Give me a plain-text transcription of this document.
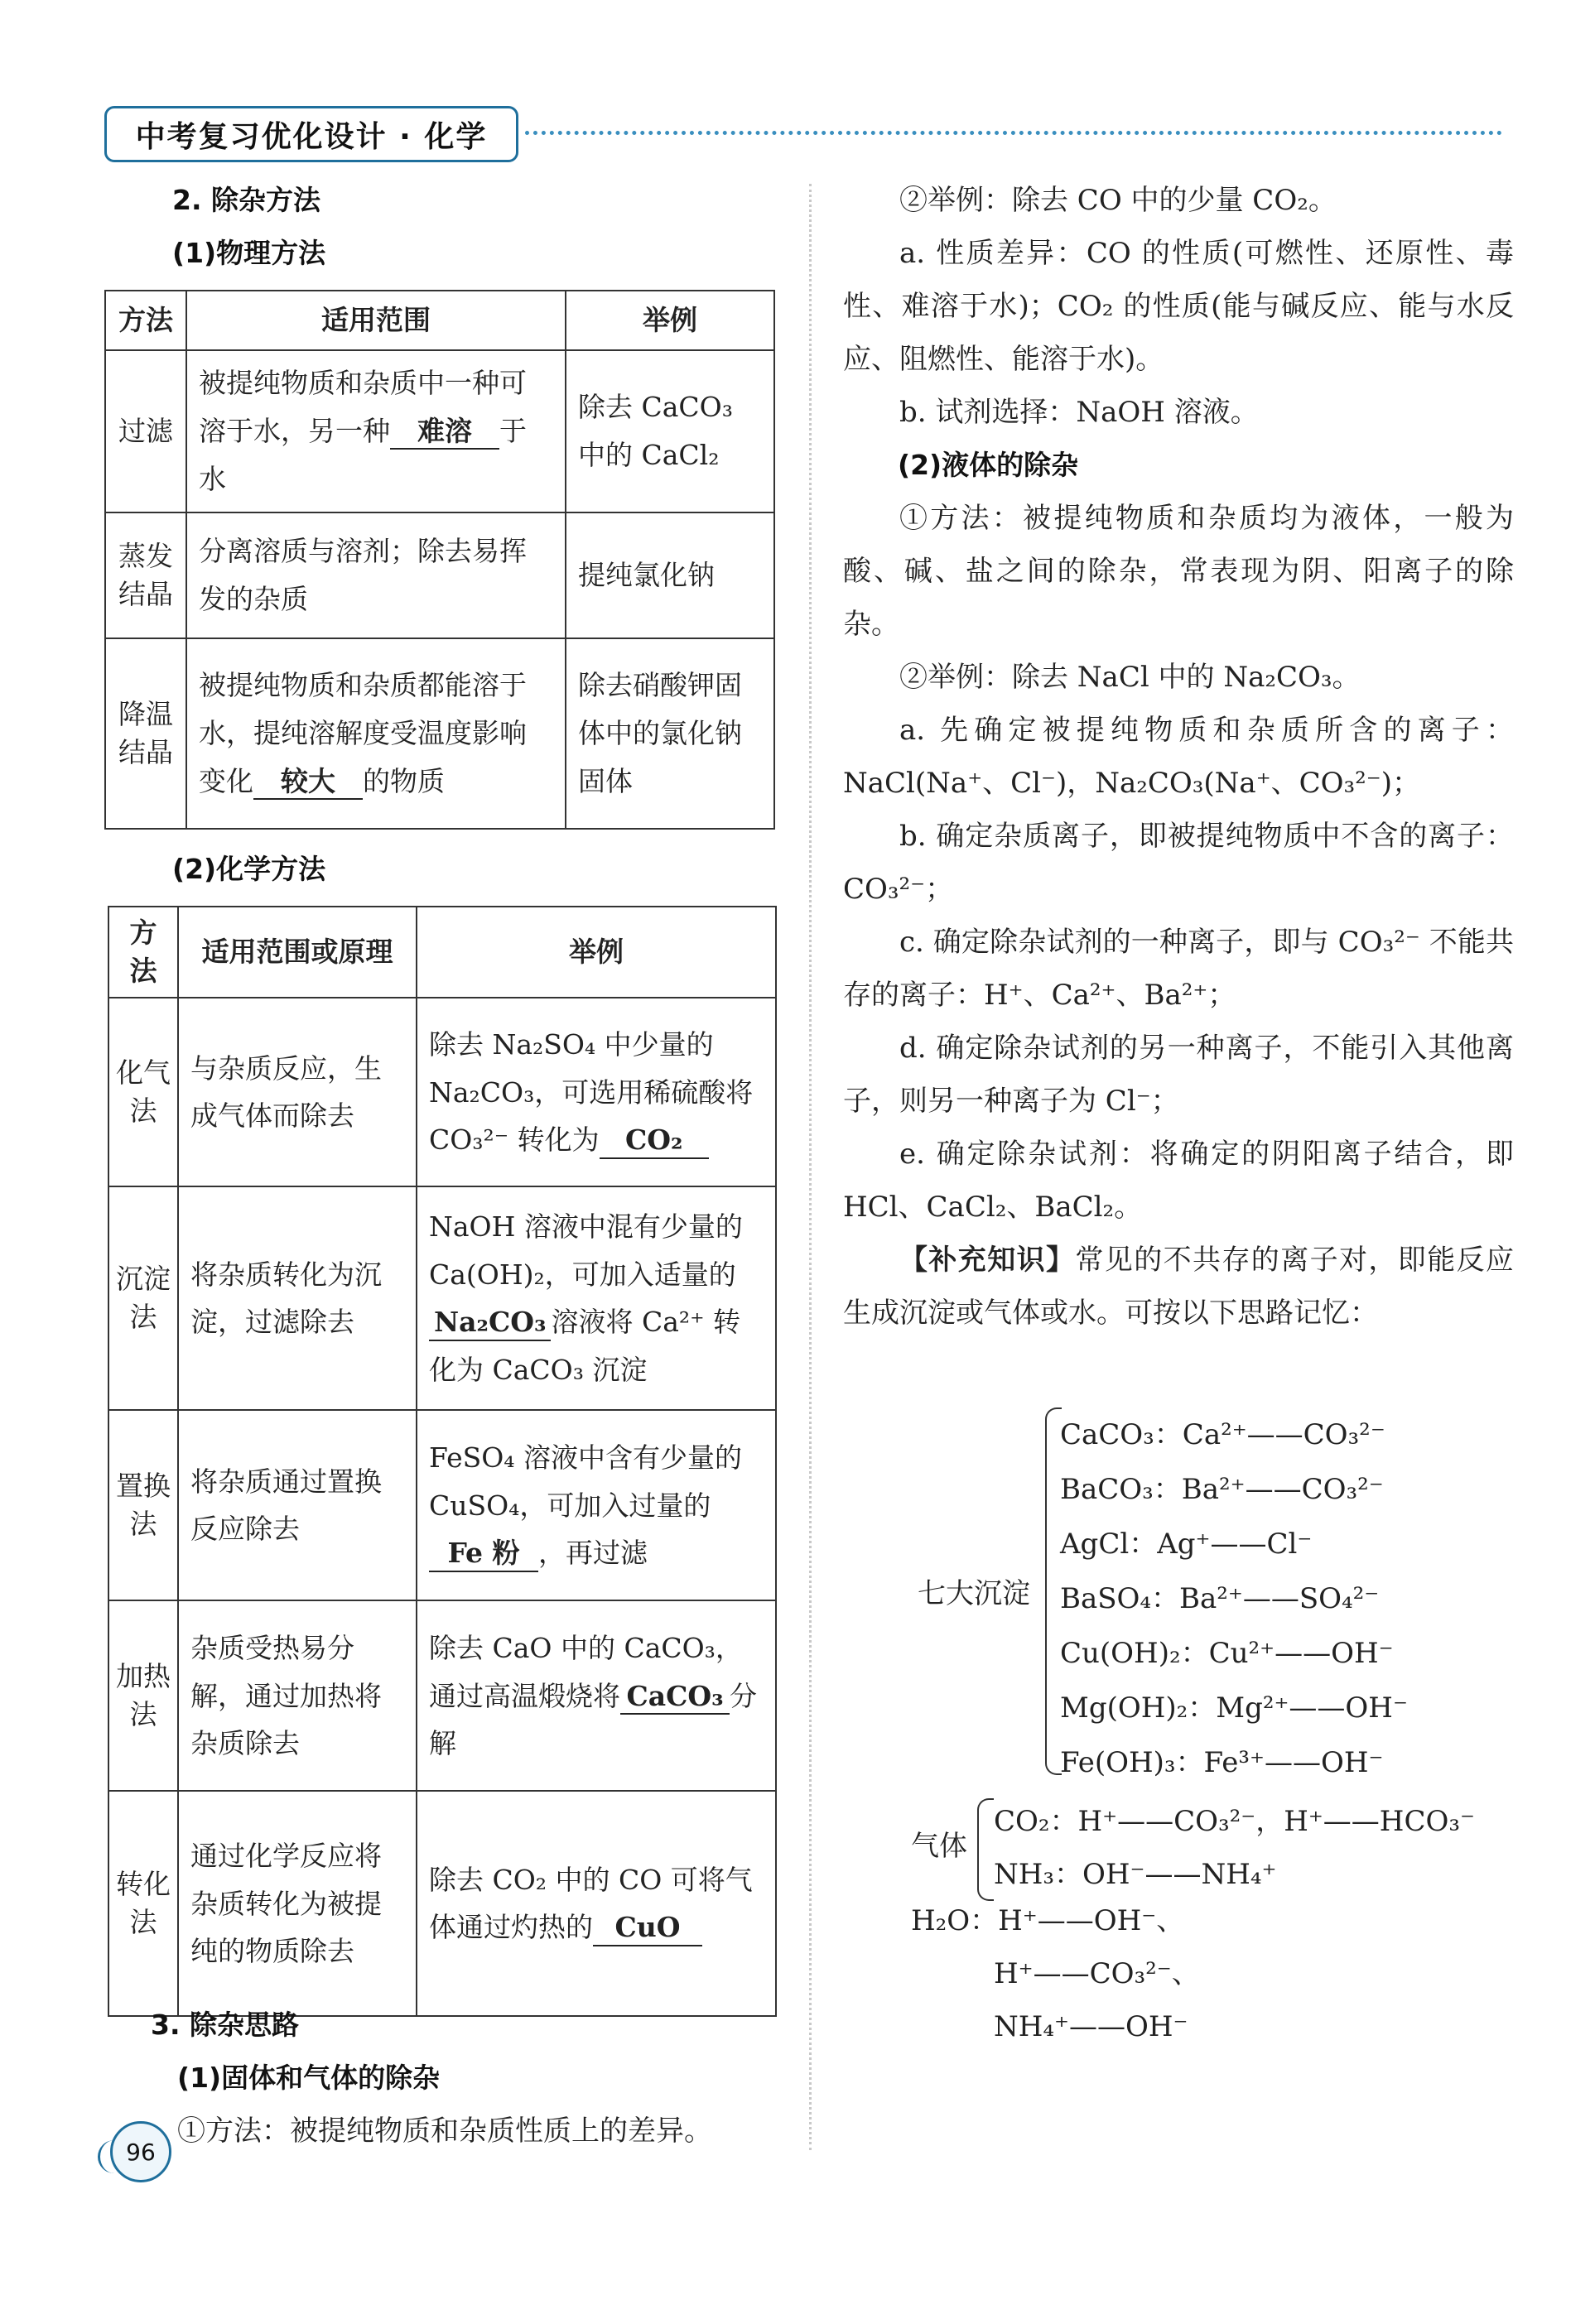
中考复习优化设计 · 化学
2. 除杂方法
(1)物理方法
方法	适用范围	举例
过滤	被提纯物质和杂质中一种可溶于水，另一种 难溶 于水	除去 CaCO₃ 中的 CaCl₂
蒸发结晶	分离溶质与溶剂；除去易挥发的杂质	提纯氯化钠
降温结晶	被提纯物质和杂质都能溶于水，提纯溶解度受温度影响变化 较大 的物质	除去硝酸钾固体中的氯化钠固体
(2)化学方法
方法	适用范围或原理	举例
化气法	与杂质反应，生成气体而除去	除去 Na₂SO₄ 中少量的 Na₂CO₃，可选用稀硫酸将 CO₃²⁻ 转化为 CO₂
沉淀法	将杂质转化为沉淀，过滤除去	NaOH 溶液中混有少量的 Ca(OH)₂，可加入适量的Na₂CO₃ 溶液将 Ca²⁺ 转化为 CaCO₃ 沉淀
置换法	将杂质通过置换反应除去	FeSO₄ 溶液中含有少量的 CuSO₄，可加入过量的Fe 粉 ，再过滤
加热法	杂质受热易分解，通过加热将杂质除去	除去 CaO 中的 CaCO₃，通过高温煅烧将 CaCO₃ 分解
转化法	通过化学反应将杂质转化为被提纯的物质除去	除去 CO₂ 中的 CO 可将气体通过灼热的 CuO
3. 除杂思路
(1)固体和气体的除杂
①方法：被提纯物质和杂质性质上的差异。

②举例：除去 CO 中的少量 CO₂。

a. 性质差异：CO 的性质(可燃性、还原性、毒性、难溶于水)；CO₂ 的性质(能与碱反应、能与水反应、阻燃性、能溶于水)。

b. 试剂选择：NaOH 溶液。

(2)液体的除杂

①方法：被提纯物质和杂质均为液体，一般为酸、碱、盐之间的除杂，常表现为阴、阳离子的除杂。

②举例：除去 NaCl 中的 Na₂CO₃。

a. 先确定被提纯物质和杂质所含的离子：NaCl(Na⁺、Cl⁻)，Na₂CO₃(Na⁺、CO₃²⁻)；

b. 确定杂质离子，即被提纯物质中不含的离子：CO₃²⁻；

c. 确定除杂试剂的一种离子，即与 CO₃²⁻ 不能共存的离子：H⁺、Ca²⁺、Ba²⁺；

d. 确定除杂试剂的另一种离子，不能引入其他离子，则另一种离子为 Cl⁻；

e. 确定除杂试剂：将确定的阴阳离子结合，即 HCl、CaCl₂、BaCl₂。

【补充知识】常见的不共存的离子对，即能反应生成沉淀或气体或水。可按以下思路记忆：

七大沉淀
CaCO₃：Ca²⁺——CO₃²⁻
BaCO₃：Ba²⁺——CO₃²⁻
AgCl：Ag⁺——Cl⁻
BaSO₄：Ba²⁺——SO₄²⁻
Cu(OH)₂：Cu²⁺——OH⁻
Mg(OH)₂：Mg²⁺——OH⁻
Fe(OH)₃：Fe³⁺——OH⁻
气体
CO₂：H⁺——CO₃²⁻，H⁺——HCO₃⁻
NH₃：OH⁻——NH₄⁺
H₂O：H⁺——OH⁻、
H⁺——CO₃²⁻、
NH₄⁺——OH⁻
96
